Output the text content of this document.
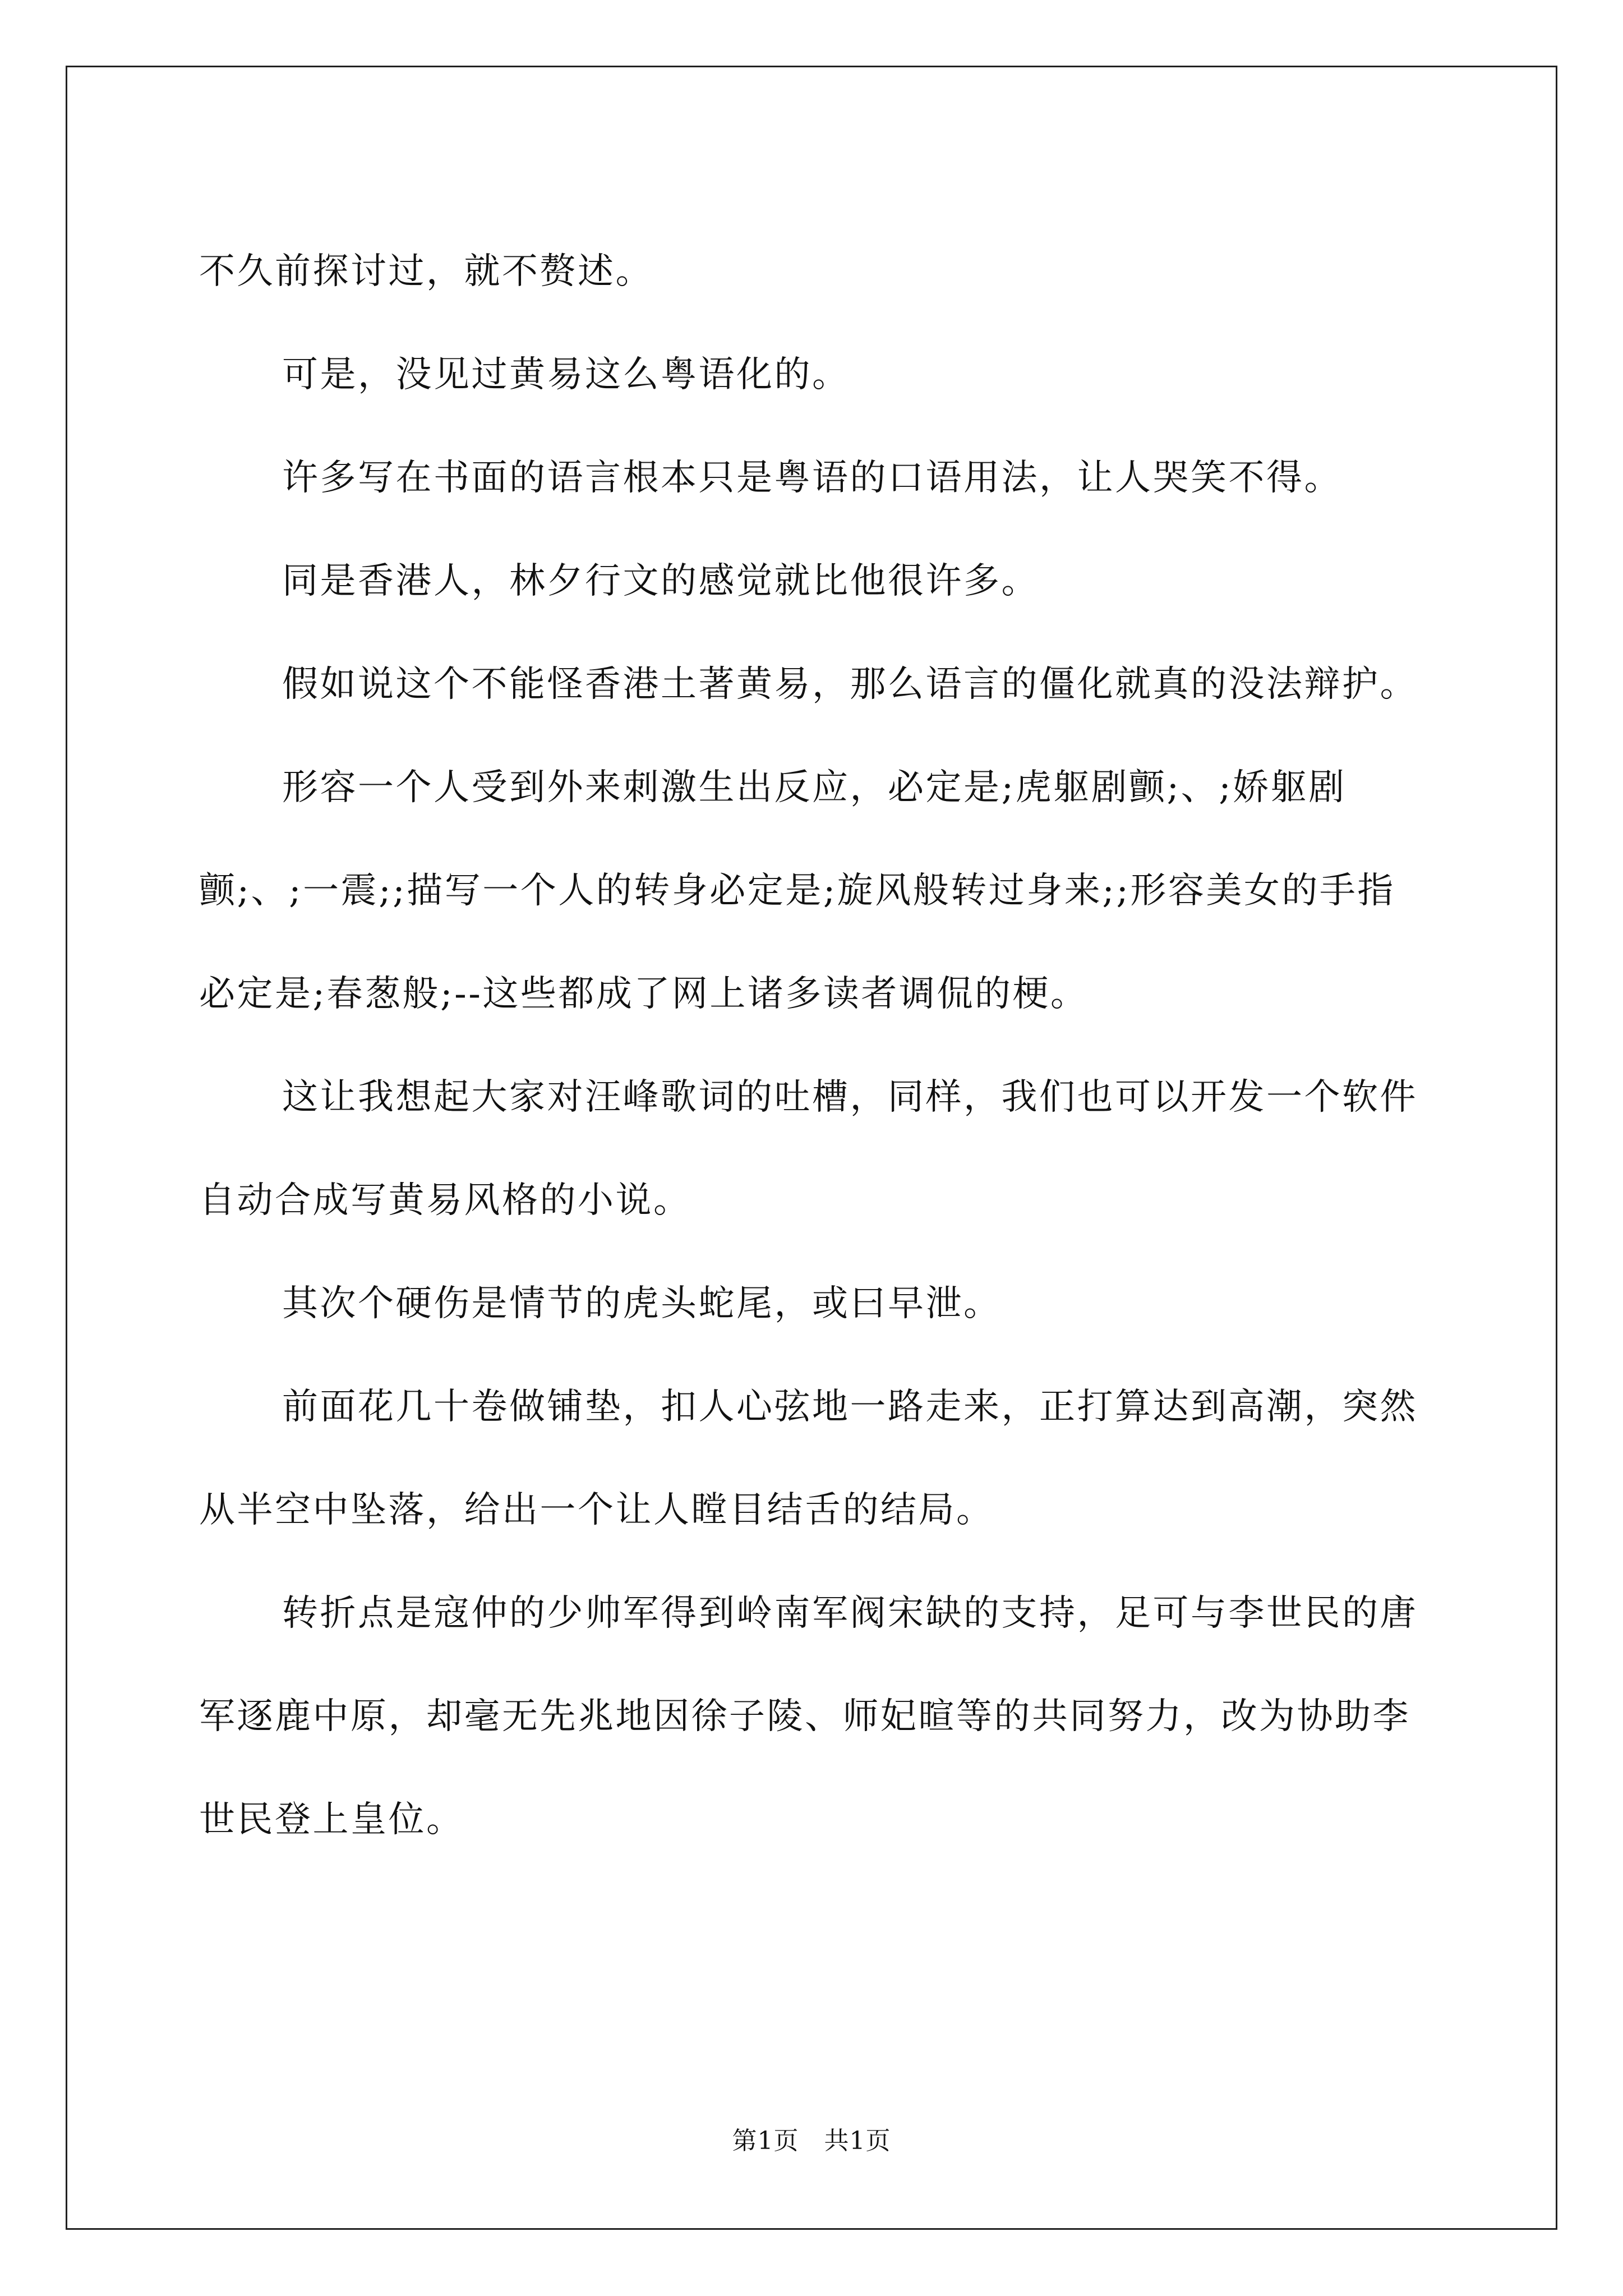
不久前探讨过，就不赘述。

可是，没见过黄易这么粤语化的。

许多写在书面的语言根本只是粤语的口语用法，让人哭笑不得。

同是香港人，林夕行文的感觉就比他很许多。

假如说这个不能怪香港土著黄易，那么语言的僵化就真的没法辩护。

形容一个人受到外来刺激生出反应，必定是;虎躯剧颤;、;娇躯剧颤;、;一震;;描写一个人的转身必定是;旋风般转过身来;;形容美女的手指必定是;春葱般;--这些都成了网上诸多读者调侃的梗。

这让我想起大家对汪峰歌词的吐槽，同样，我们也可以开发一个软件自动合成写黄易风格的小说。

其次个硬伤是情节的虎头蛇尾，或曰早泄。

前面花几十卷做铺垫，扣人心弦地一路走来，正打算达到高潮，突然从半空中坠落，给出一个让人瞠目结舌的结局。

转折点是寇仲的少帅军得到岭南军阀宋缺的支持，足可与李世民的唐军逐鹿中原，却毫无先兆地因徐子陵、师妃暄等的共同努力，改为协助李世民登上皇位。

第1页　共1页
